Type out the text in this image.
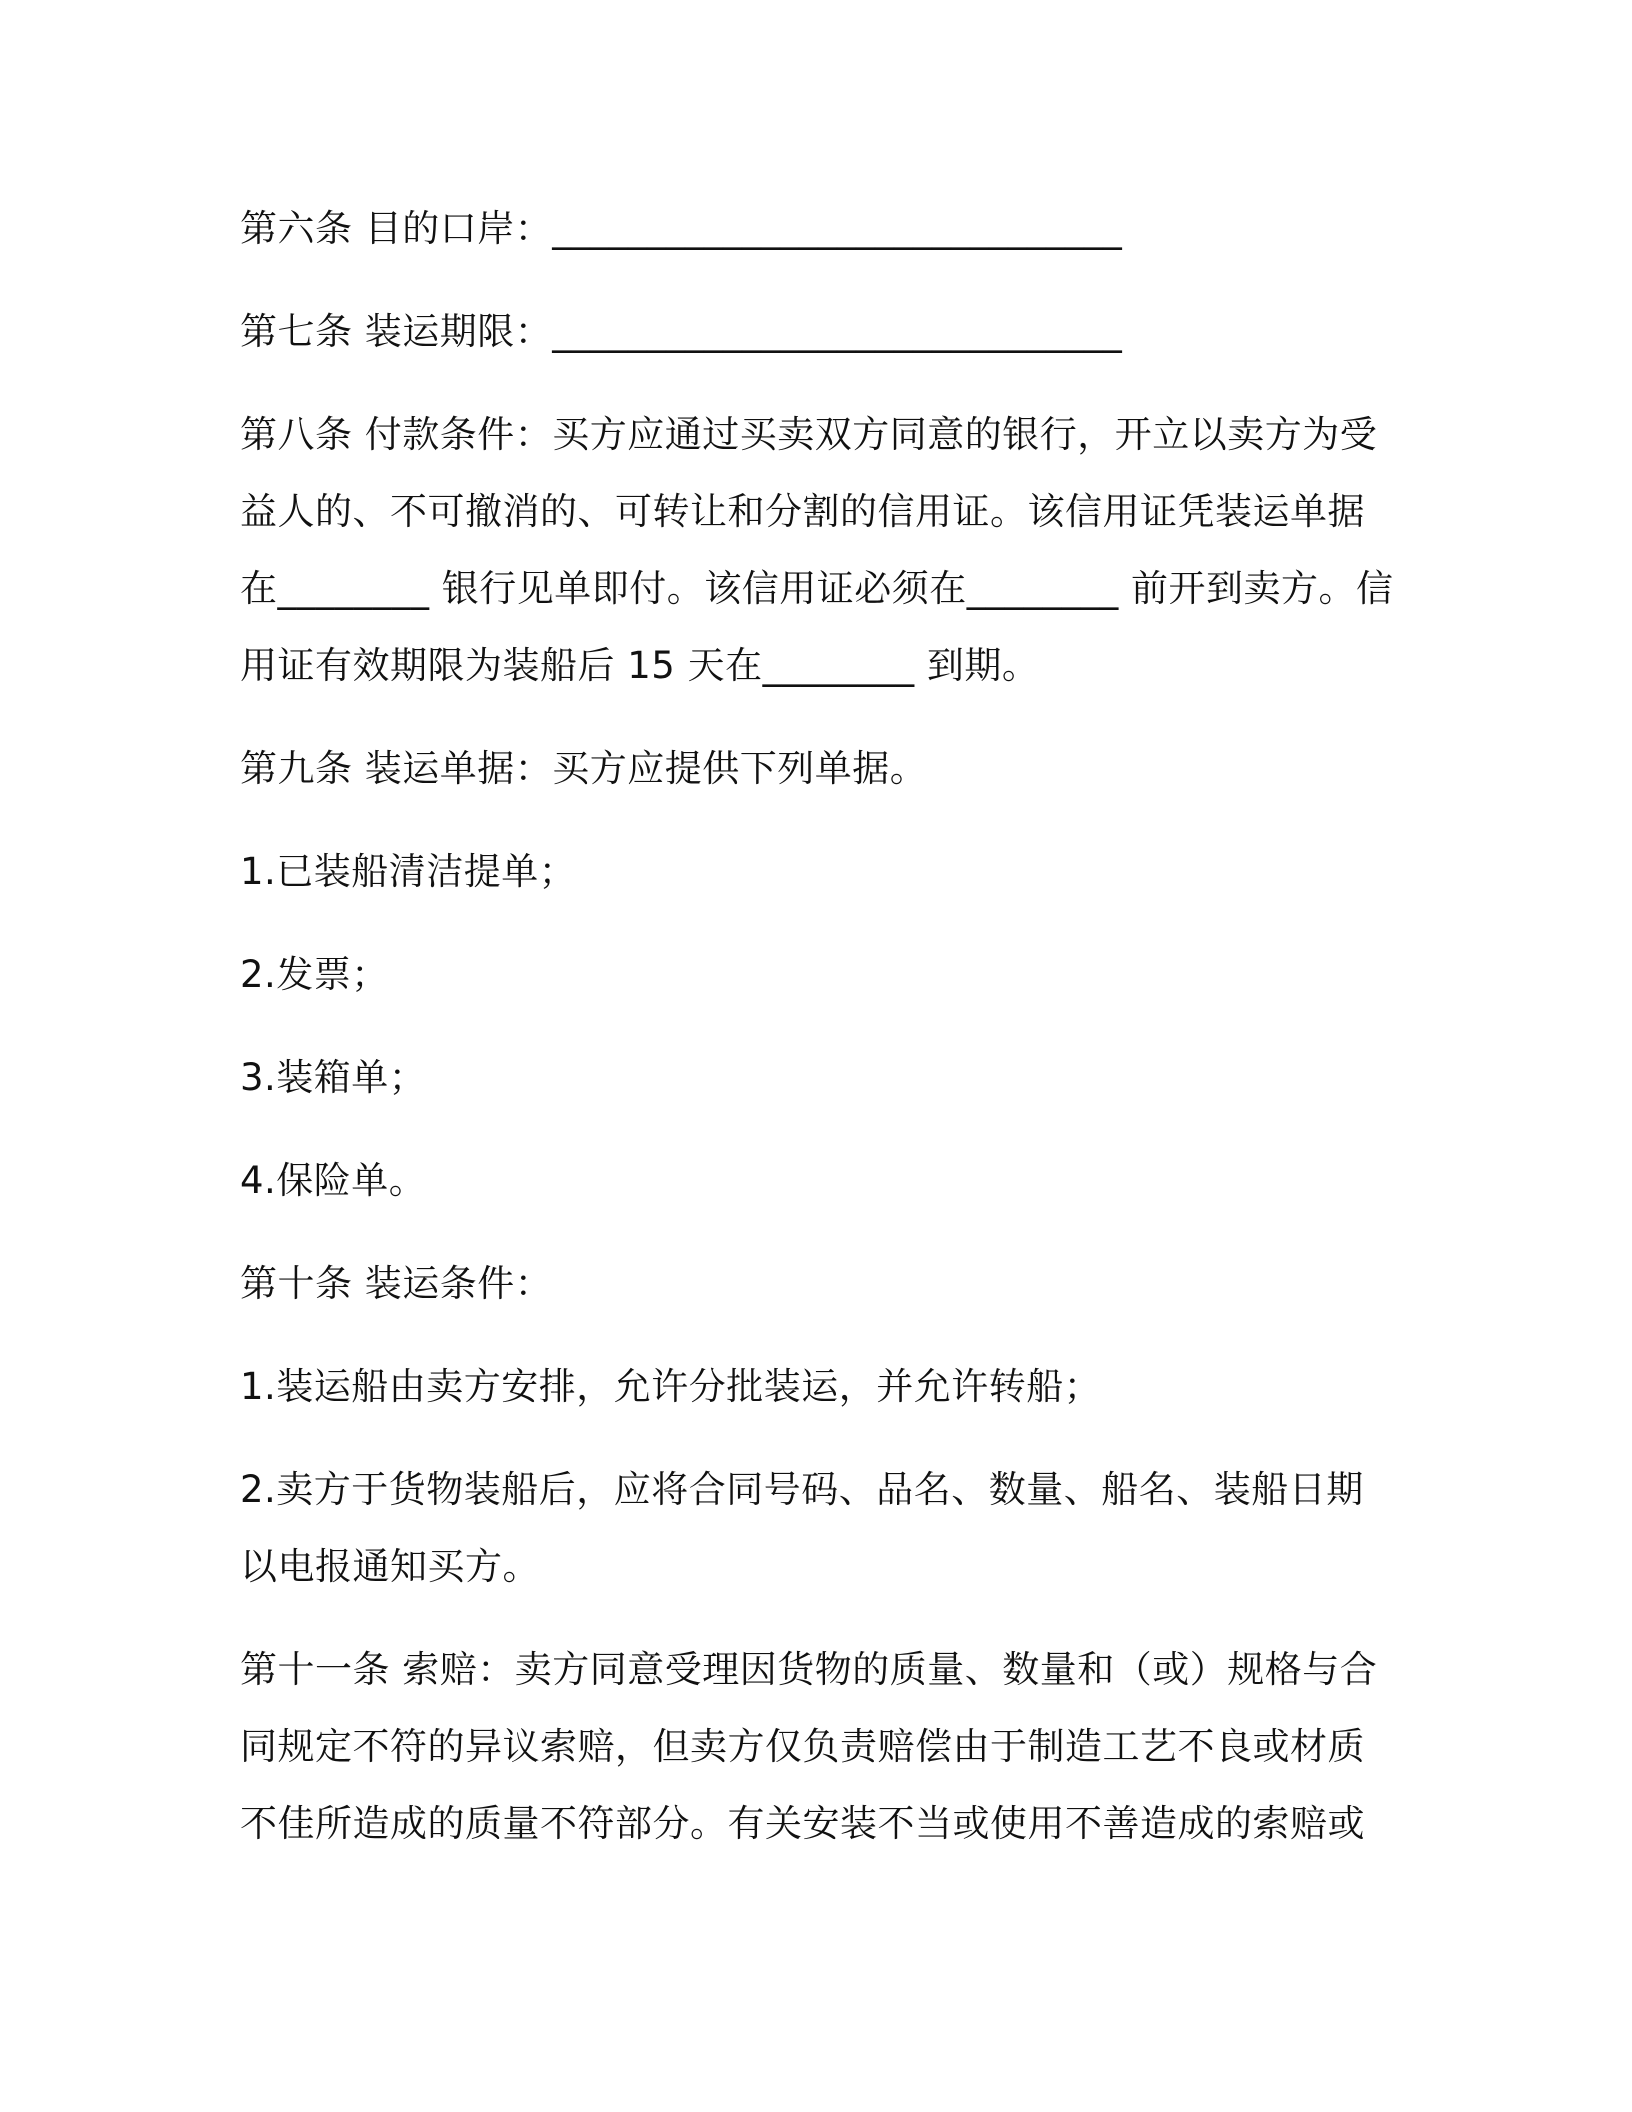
第六条 目的口岸：______________________________

第七条 装运期限：______________________________

第八条 付款条件：买方应通过买卖双方同意的银行，开立以卖方为受益人的、不可撤消的、可转让和分割的信用证。该信用证凭装运单据在________ 银行见单即付。该信用证必须在________ 前开到卖方。信用证有效期限为装船后 15 天在________ 到期。

第九条 装运单据：买方应提供下列单据。

1.已装船清洁提单；

2.发票；

3.装箱单；

4.保险单。

第十条 装运条件：

1.装运船由卖方安排，允许分批装运，并允许转船；

2.卖方于货物装船后，应将合同号码、品名、数量、船名、装船日期以电报通知买方。

第十一条 索赔：卖方同意受理因货物的质量、数量和（或）规格与合同规定不符的异议索赔，但卖方仅负责赔偿由于制造工艺不良或材质不佳所造成的质量不符部分。有关安装不当或使用不善造成的索赔或
